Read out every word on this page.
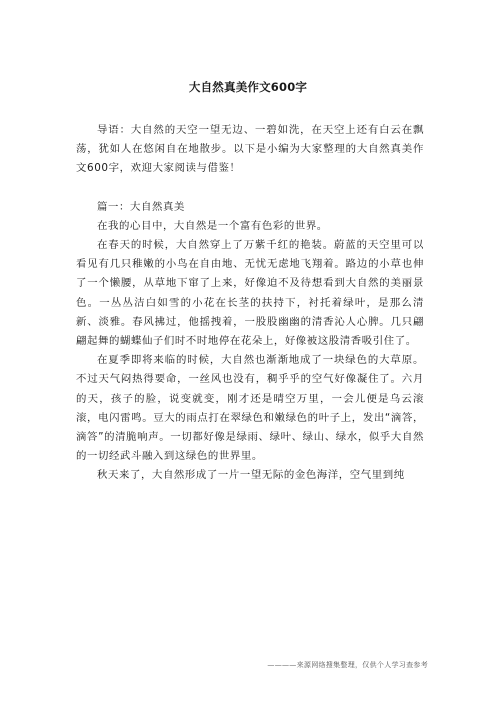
大自然真美作文600字

导语：大自然的天空一望无边、一碧如洗，在天空上还有白云在飘荡，犹如人在悠闲自在地散步。以下是小编为大家整理的大自然真美作文600字，欢迎大家阅读与借鉴！

篇一：大自然真美

在我的心目中，大自然是一个富有色彩的世界。

在春天的时候，大自然穿上了万紫千红的艳装。蔚蓝的天空里可以看见有几只稚嫩的小鸟在自由地、无忧无虑地飞翔着。路边的小草也伸了一个懒腰，从草地下窜了上来，好像迫不及待想看到大自然的美丽景色。一丛丛洁白如雪的小花在长茎的扶持下，衬托着绿叶，是那么清新、淡雅。春风拂过，他摇拽着，一股股幽幽的清香沁人心脾。几只翩翩起舞的蝴蝶仙子们时不时地停在花朵上，好像被这股清香吸引住了。

在夏季即将来临的时候，大自然也渐渐地成了一块绿色的大草原。不过天气闷热得要命，一丝风也没有，稠乎乎的空气好像凝住了。六月的天，孩子的脸，说变就变，刚才还是晴空万里，一会儿便是乌云滚滚，电闪雷鸣。豆大的雨点打在翠绿色和嫩绿色的叶子上，发出“滴答，滴答”的清脆响声。一切都好像是绿雨、绿叶、绿山、绿水，似乎大自然的一切经武斗融入到这绿色的世界里。

秋天来了，大自然形成了一片一望无际的金色海洋，空气里到纯

————来源网络搜集整理，仅供个人学习查参考
